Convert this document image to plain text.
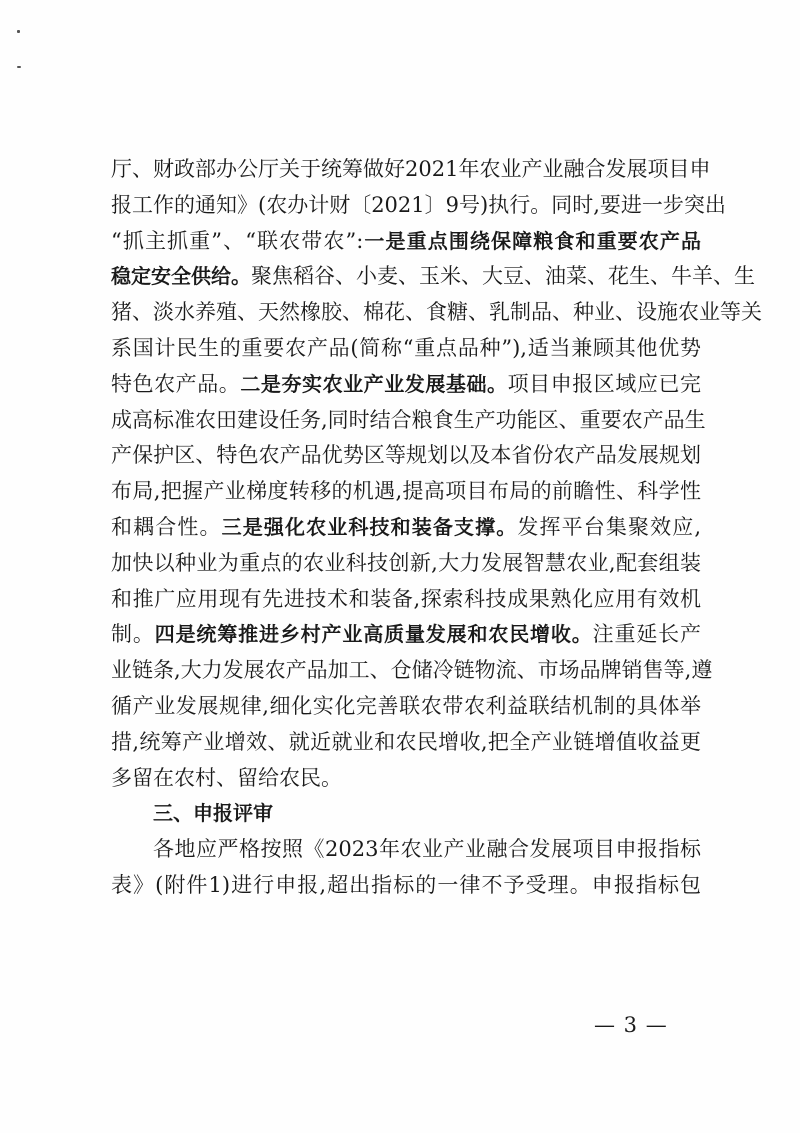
厅、财政部办公厅关于统筹做好2021年农业产业融合发展项目申
报工作的通知》(农办计财〔2021〕9号)执行。同时,要进一步突出
“抓主抓重”、“联农带农”:一是重点围绕保障粮食和重要农产品
稳定安全供给。聚焦稻谷、小麦、玉米、大豆、油菜、花生、牛羊、生
猪、淡水养殖、天然橡胶、棉花、食糖、乳制品、种业、设施农业等关
系国计民生的重要农产品(简称“重点品种”),适当兼顾其他优势
特色农产品。二是夯实农业产业发展基础。项目申报区域应已完
成高标准农田建设任务,同时结合粮食生产功能区、重要农产品生
产保护区、特色农产品优势区等规划以及本省份农产品发展规划
布局,把握产业梯度转移的机遇,提高项目布局的前瞻性、科学性
和耦合性。三是强化农业科技和装备支撑。发挥平台集聚效应,
加快以种业为重点的农业科技创新,大力发展智慧农业,配套组装
和推广应用现有先进技术和装备,探索科技成果熟化应用有效机
制。四是统筹推进乡村产业高质量发展和农民增收。注重延长产
业链条,大力发展农产品加工、仓储冷链物流、市场品牌销售等,遵
循产业发展规律,细化实化完善联农带农利益联结机制的具体举
措,统筹产业增效、就近就业和农民增收,把全产业链增值收益更
多留在农村、留给农民。
三、申报评审
各地应严格按照《2023年农业产业融合发展项目申报指标
表》(附件1)进行申报,超出指标的一律不予受理。申报指标包
— 3 —
